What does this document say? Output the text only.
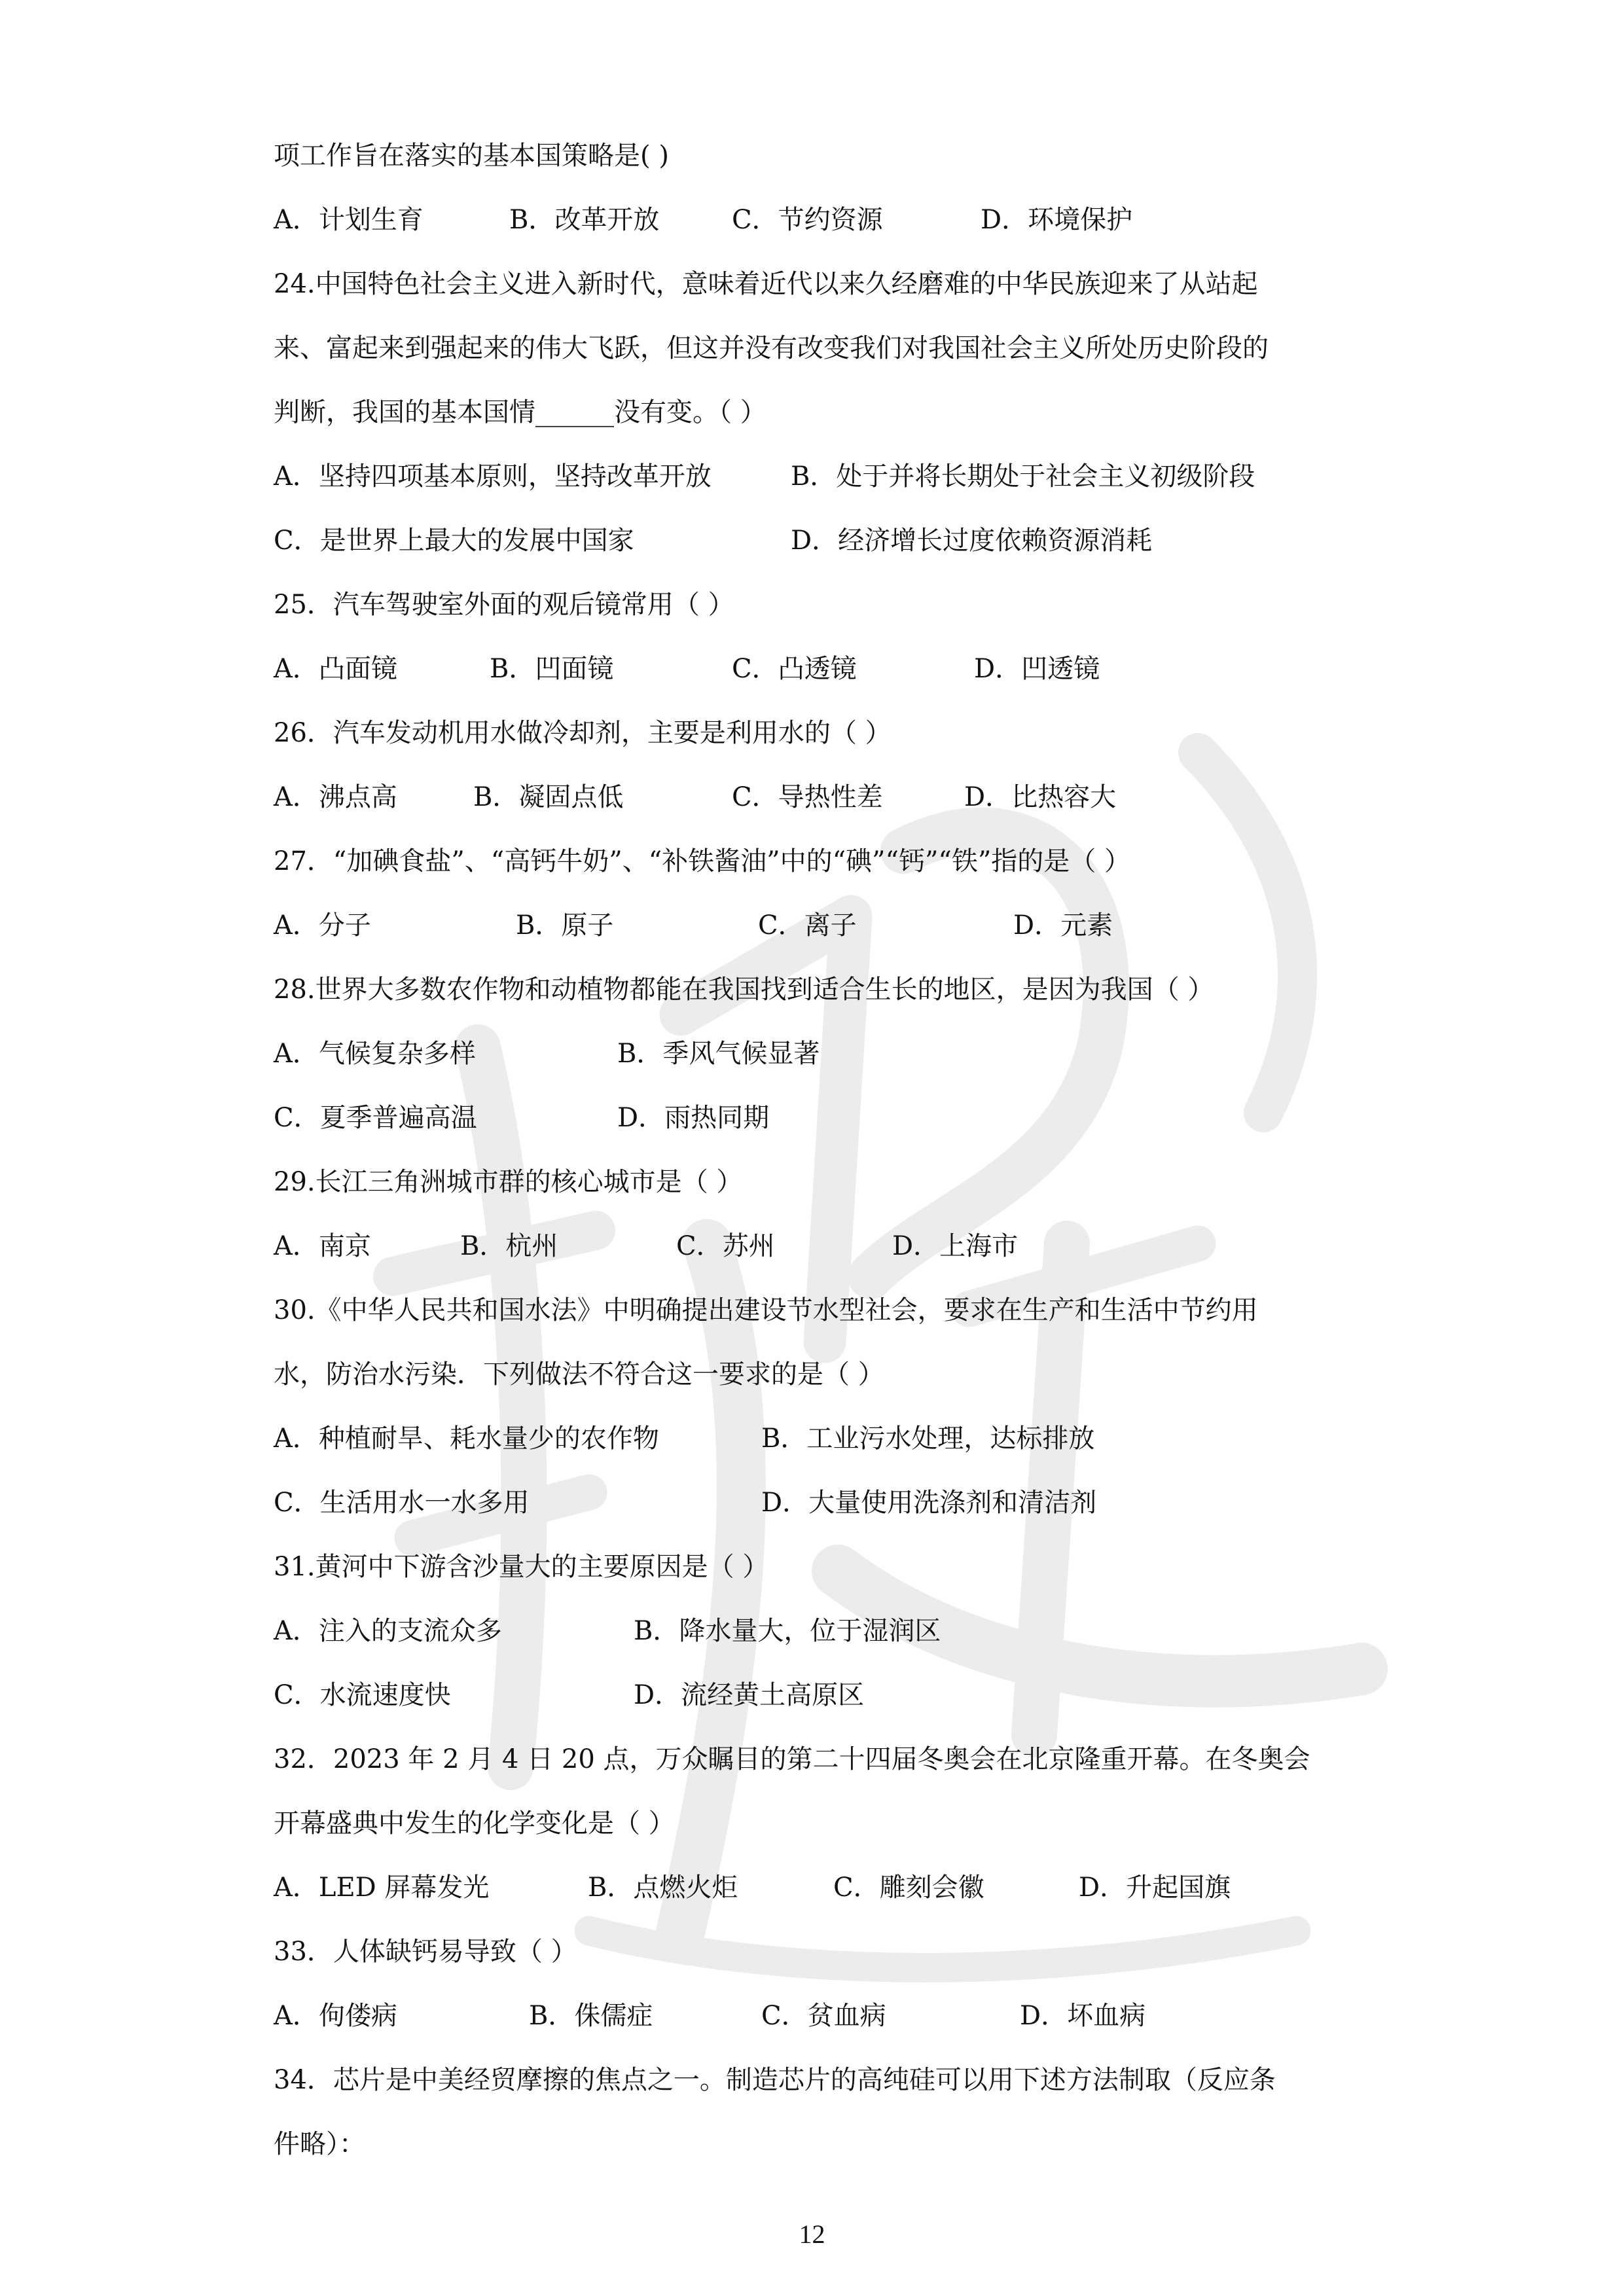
项工作旨在落实的基本国策略是( )
A．计划生育	B．改革开放	C．节约资源	D．环境保护
24.中国特色社会主义进入新时代，意味着近代以来久经磨难的中华民族迎来了从站起
来、富起来到强起来的伟大飞跃，但这并没有改变我们对我国社会主义所处历史阶段的
判断，我国的基本国情______没有变。（ ）
A．坚持四项基本原则，坚持改革开放	B．处于并将长期处于社会主义初级阶段
C．是世界上最大的发展中国家	D．经济增长过度依赖资源消耗
25．汽车驾驶室外面的观后镜常用（ ）
A．凸面镜	B．凹面镜	C．凸透镜	D．凹透镜
26．汽车发动机用水做冷却剂，主要是利用水的（ ）
A．沸点高	B．凝固点低	C．导热性差	D．比热容大
27．“加碘食盐”、“高钙牛奶”、“补铁酱油”中的“碘”“钙”“铁”指的是（ ）
A．分子	B．原子	C．离子	D．元素
28.世界大多数农作物和动植物都能在我国找到适合生长的地区，是因为我国（ ）
A．气候复杂多样	B．季风气候显著
C．夏季普遍高温	D．雨热同期
29.长江三角洲城市群的核心城市是（ ）
A．南京	B．杭州	C．苏州	D．上海市
30.《中华人民共和国水法》中明确提出建设节水型社会，要求在生产和生活中节约用
水，防治水污染．下列做法不符合这一要求的是（ ）
A．种植耐旱、耗水量少的农作物	B．工业污水处理，达标排放
C．生活用水一水多用	D．大量使用洗涤剂和清洁剂
31.黄河中下游含沙量大的主要原因是（ ）
A．注入的支流众多	B．降水量大，位于湿润区
C．水流速度快	D．流经黄土高原区
32．2023 年 2 月 4 日 20 点，万众瞩目的第二十四届冬奥会在北京隆重开幕。在冬奥会
开幕盛典中发生的化学变化是（ ）
A．LED 屏幕发光	B．点燃火炬	C．雕刻会徽	D．升起国旗
33．人体缺钙易导致（ ）
A．佝偻病	B．侏儒症	C．贫血病	D．坏血病
34．芯片是中美经贸摩擦的焦点之一。制造芯片的高纯硅可以用下述方法制取（反应条
件略）：
12
